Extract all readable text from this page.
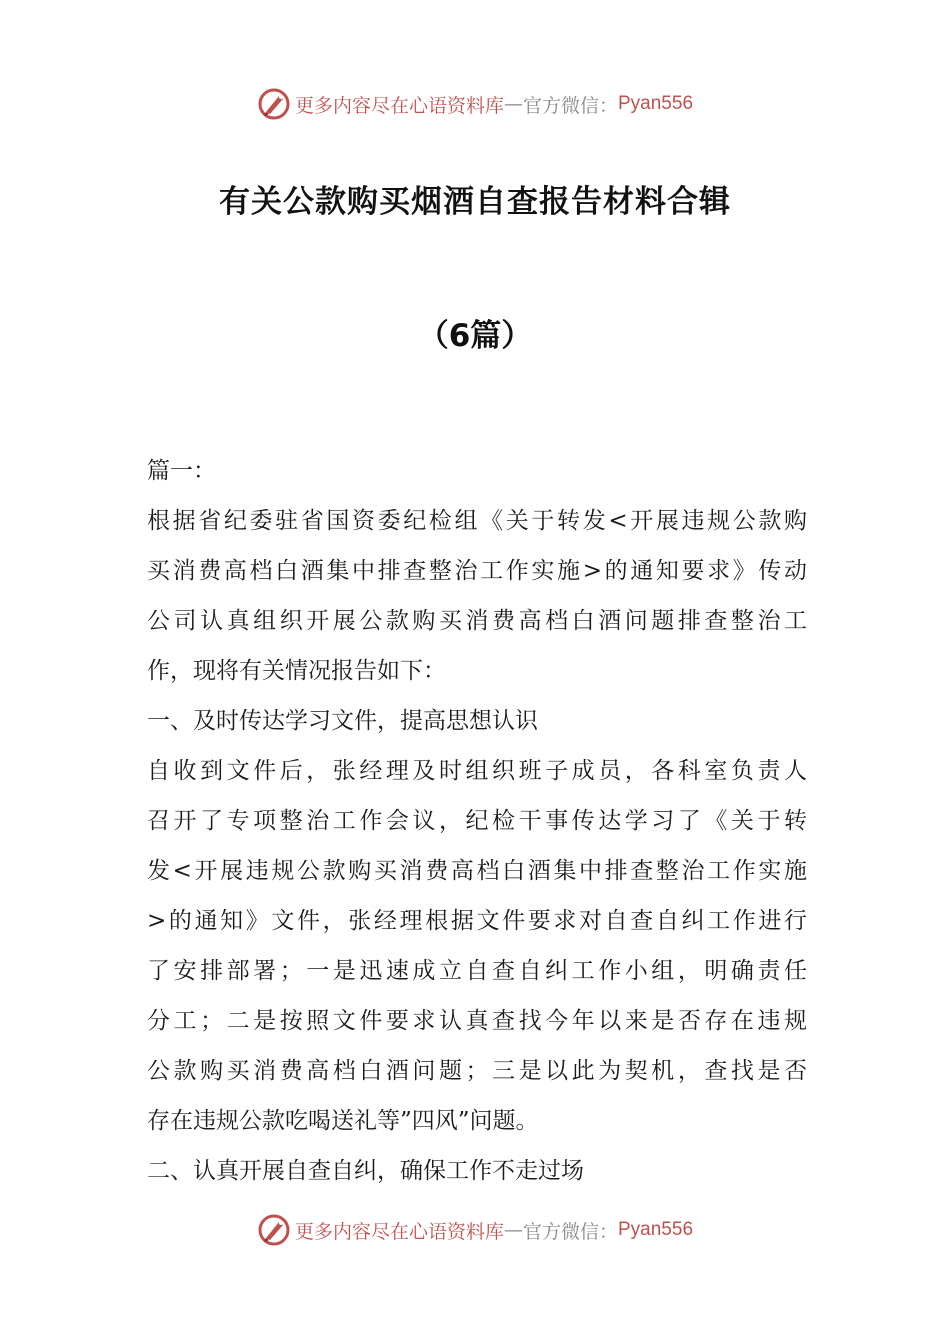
更多内容尽在心语资料库 — 官方微信： Pyan556
有关公款购买烟酒自查报告材料合辑
（6篇）
篇一：
根据省纪委驻省国资委纪检组《关于转发<开展违规公款购
买消费高档白酒集中排查整治工作实施>的通知要求》传动
公司认真组织开展公款购买消费高档白酒问题排查整治工
作，现将有关情况报告如下：
一、及时传达学习文件，提高思想认识
自收到文件后，张经理及时组织班子成员，各科室负责人
召开了专项整治工作会议，纪检干事传达学习了《关于转
发<开展违规公款购买消费高档白酒集中排查整治工作实施
>的通知》文件，张经理根据文件要求对自查自纠工作进行
了安排部署；一是迅速成立自查自纠工作小组，明确责任
分工；二是按照文件要求认真查找今年以来是否存在违规
公款购买消费高档白酒问题；三是以此为契机，查找是否
存在违规公款吃喝送礼等”四风”问题。
二、认真开展自查自纠，确保工作不走过场
更多内容尽在心语资料库 — 官方微信： Pyan556
